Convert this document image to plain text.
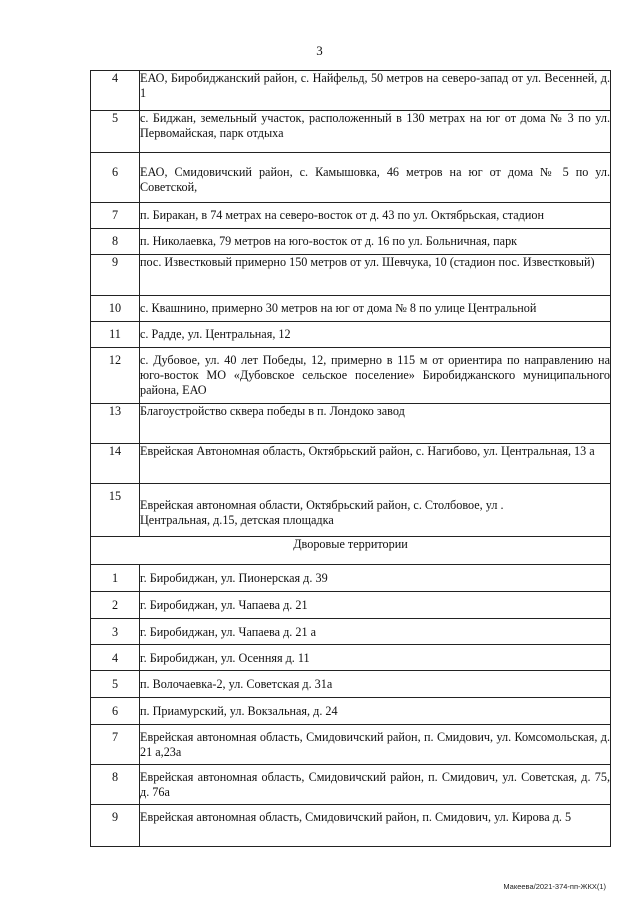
3
4	ЕАО, Биробиджанский район, с. Найфельд, 50 метров на северо-запад от ул. Весенней, д. 1
5	с. Биджан, земельный участок, расположенный в 130 метрах на юг от дома № 3 по ул. Первомайская, парк отдыха
6	ЕАО, Смидовичский район, с. Камышовка, 46 метров на юг от дома № 5 по ул. Советской,
7	п. Биракан, в 74 метрах на северо-восток от д. 43 по ул. Октябрьская, стадион
8	п. Николаевка, 79 метров на юго-восток от д. 16 по ул. Больничная, парк
9	пос. Известковый примерно 150 метров от ул. Шевчука, 10 (стадион пос. Известковый)
10	с. Квашнино, примерно 30 метров на юг от дома № 8 по улице Центральной
11	с. Радде, ул. Центральная, 12
12	с. Дубовое, ул. 40 лет Победы, 12, примерно в 115 м от ориентира по направлению на юго-восток МО «Дубовское сельское поселение» Биробиджанского муниципального района, ЕАО
13	Благоустройство сквера победы в п. Лондоко завод
14	Еврейская Автономная область, Октябрьский район, с. Нагибово, ул. Центральная, 13 а
15	Еврейская автономная области, Октябрьский район, с. Столбовое, ул .
Центральная, д.15, детская площадка

Дворовые территории	
1	г. Биробиджан, ул. Пионерская д. 39
2	г. Биробиджан, ул. Чапаева д. 21
3	г. Биробиджан, ул. Чапаева д. 21 а
4	г. Биробиджан, ул. Осенняя д. 11
5	п. Волочаевка-2, ул. Советская д. 31а
6	п. Приамурский, ул. Вокзальная, д. 24
7	Еврейская автономная область, Смидовичский район, п. Смидович, ул. Комсомольская, д. 21 а,23а
8	Еврейская автономная область, Смидовичский район, п. Смидович, ул. Советская, д. 75, д. 76а
9	Еврейская автономная область, Смидовичский район, п. Смидович, ул. Кирова д. 5
Макеева/2021-374-пп-ЖКХ(1)
